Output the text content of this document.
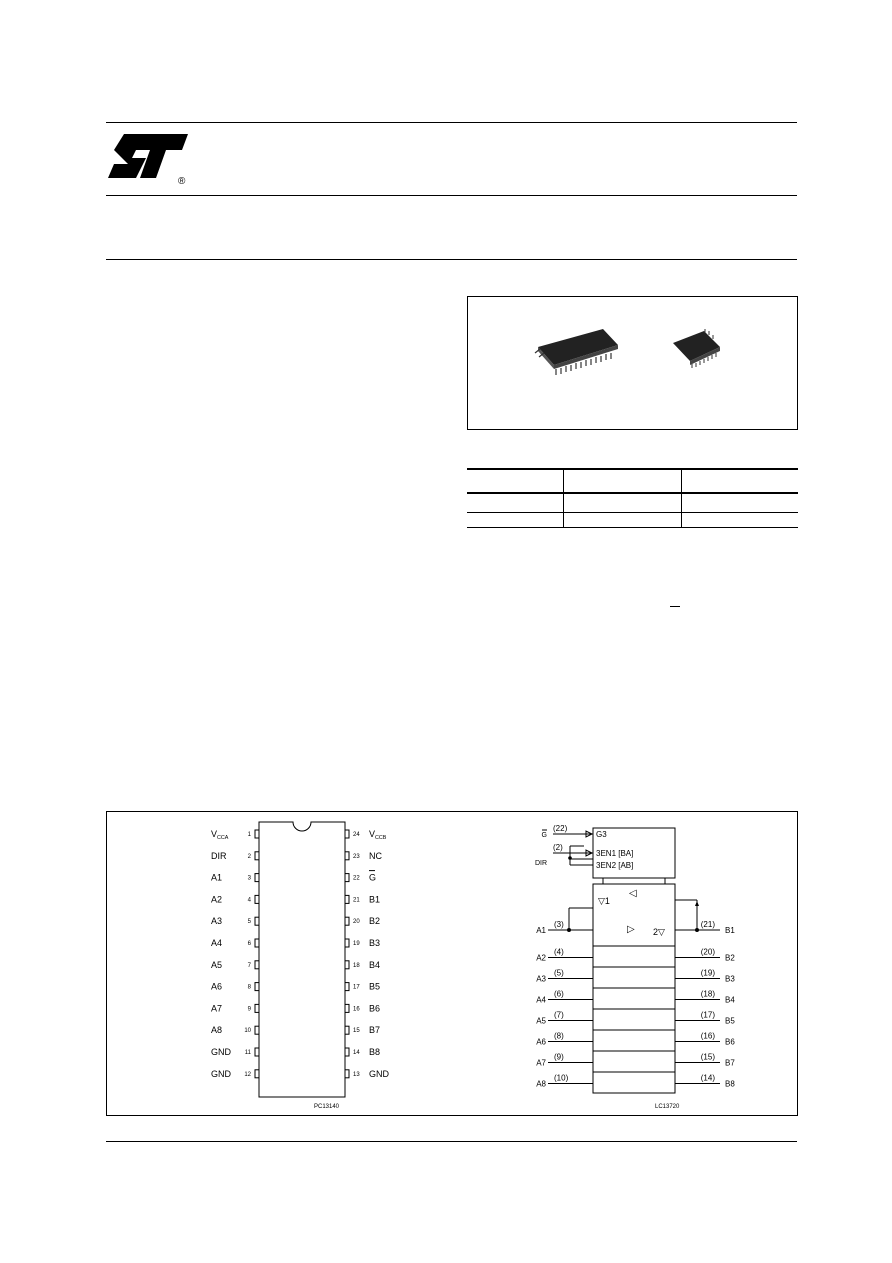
®

1
$V_{CCA}$
2
DIR
3
A1
4
A2
5
A3
6
A4
7
A5
8
A6
9
A7
10
A8
11
GND
12
GND
24 $V_{CCB}$
23 NC
22 G
21 B1
20 B2
19 B3
18 B4
17 B5
16 B6
15 B7
14 B8
13 GND
PC13140
◁
▷
▽1
2▽
G3
G
(22)
3EN1 [BA]
DIR
(2)
3EN2 [AB]
A1
(3)
B1
(21)
A2
(4)
B2
(20)
A3
(5)
B3
(19)
A4
(6)
B4
(18)
A5
(7)
B5
(17)
A6
(8)
B6
(16)
A7
(9)
B7
(15)
A8
(10)
B8
(14)
LC13720
